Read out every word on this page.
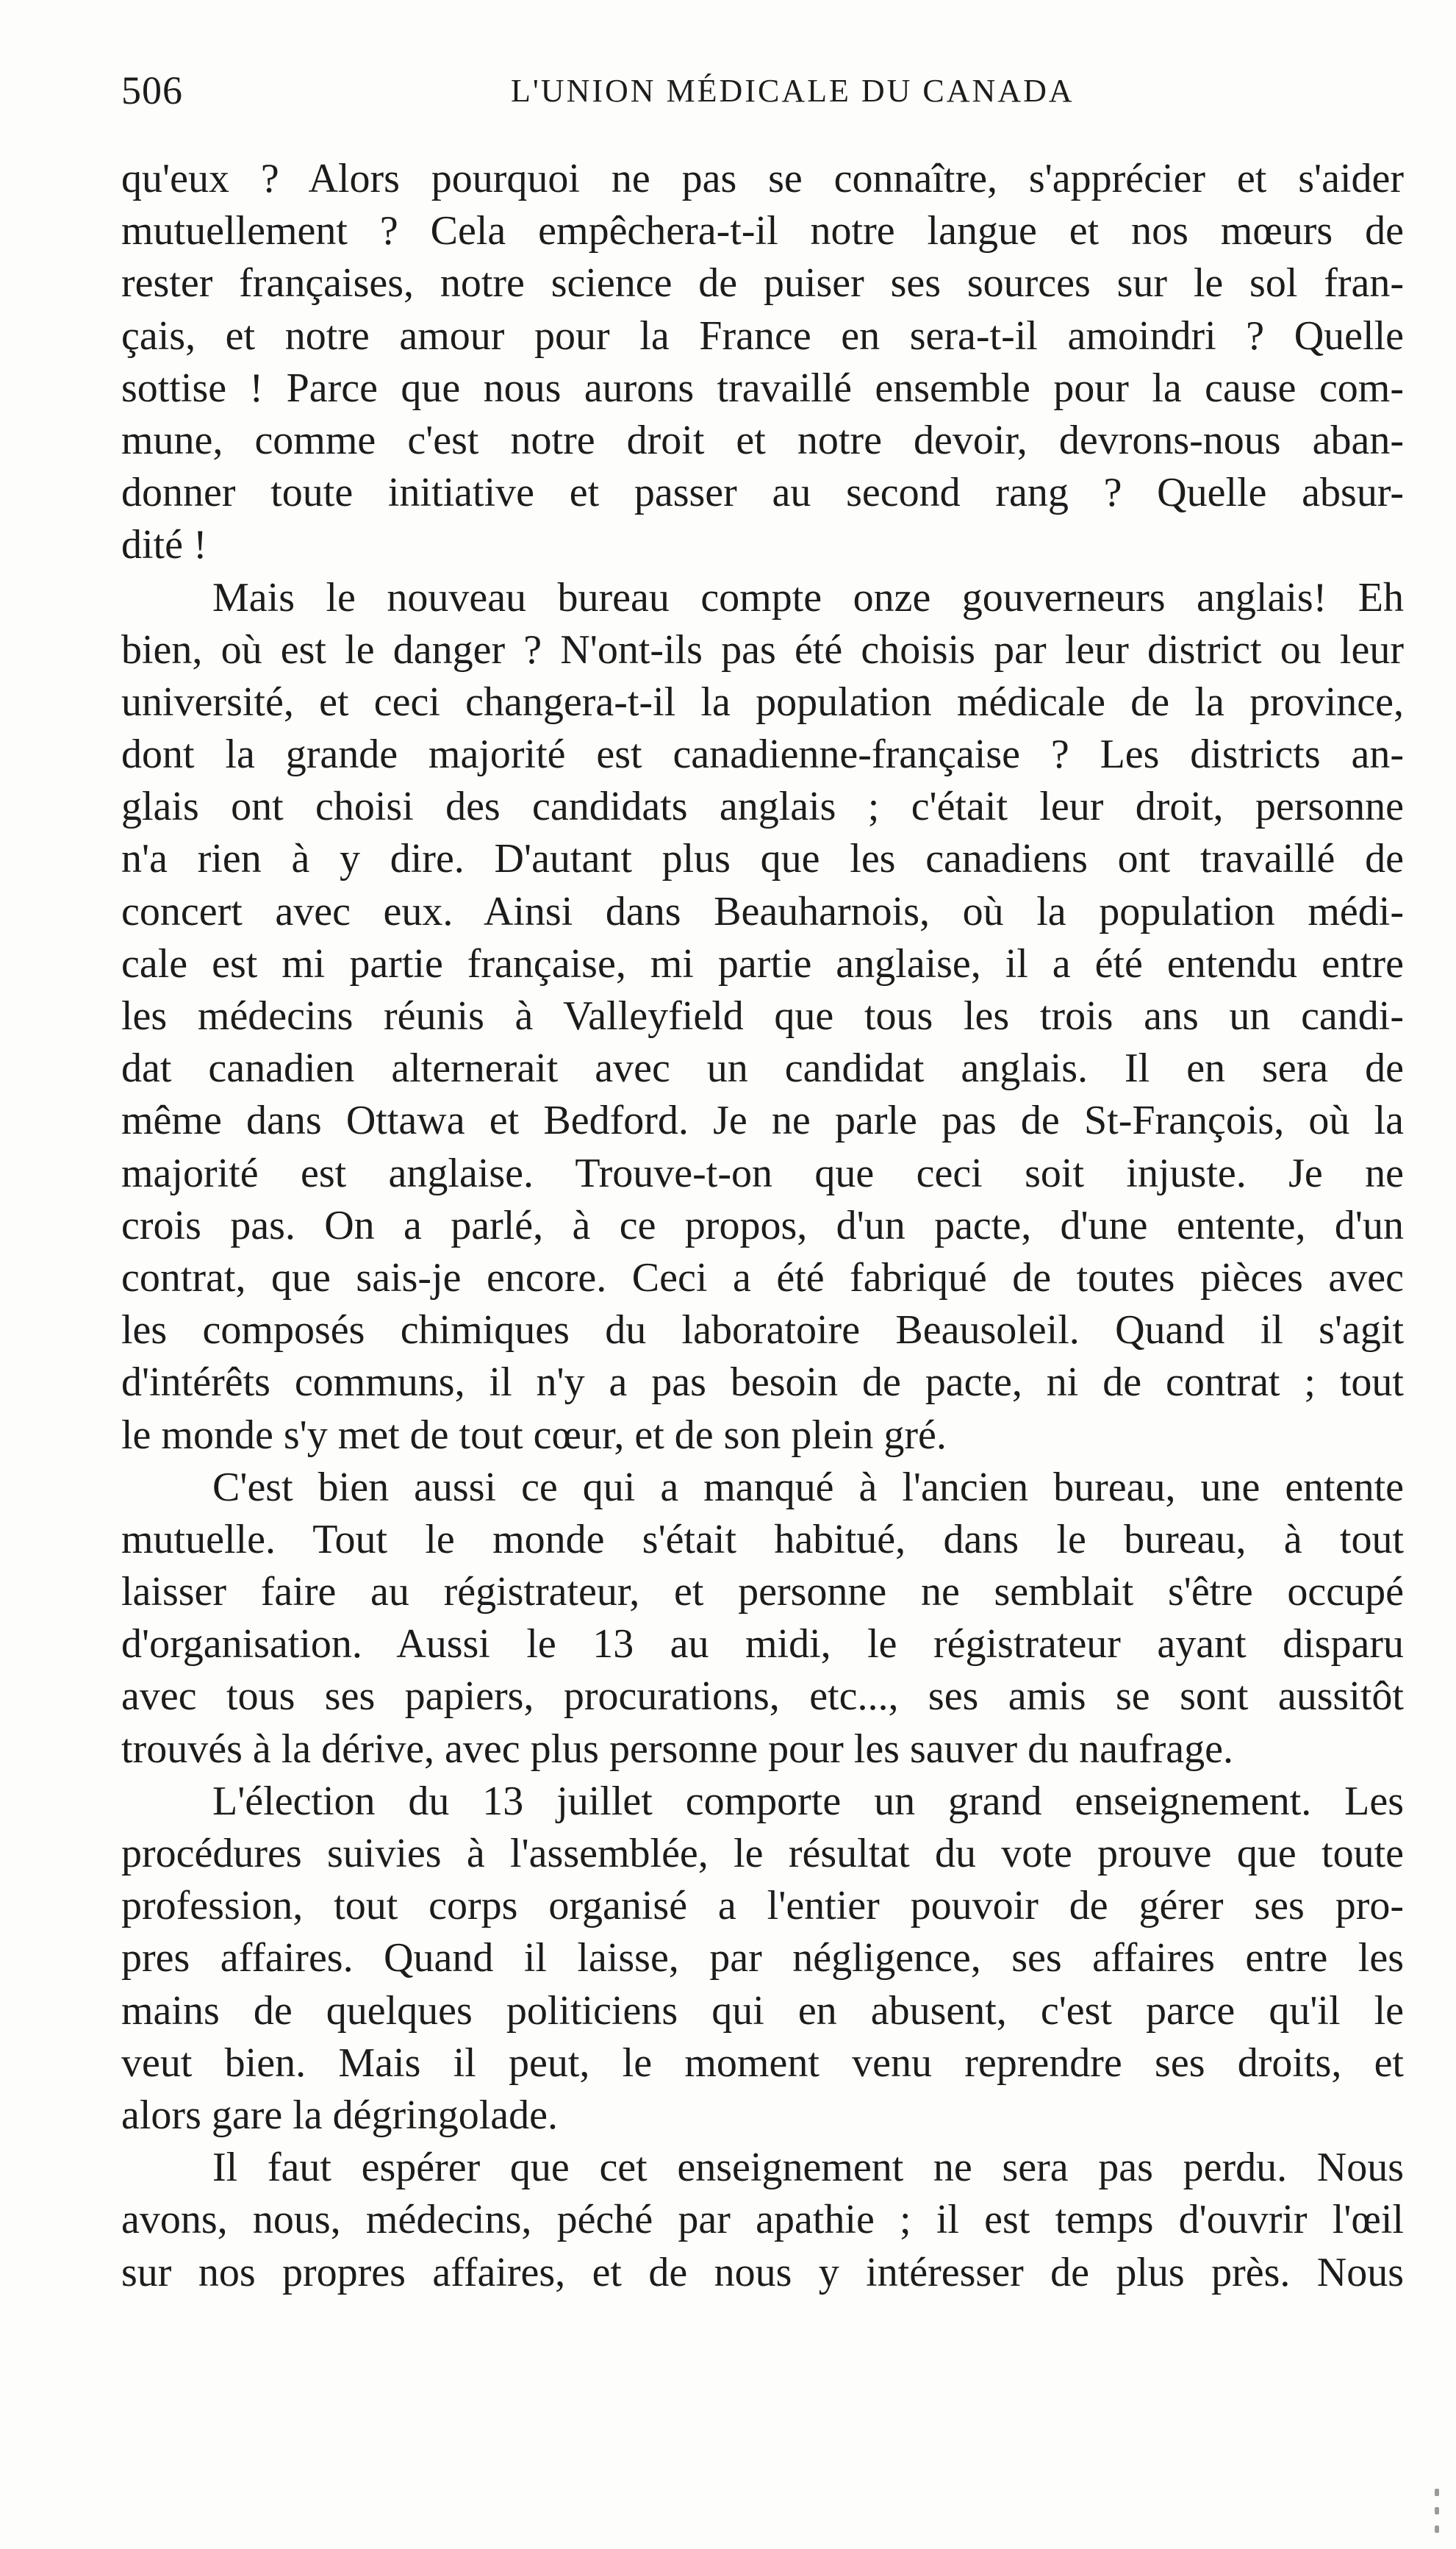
506	L'UNION MÉDICALE DU CANADA
qu'eux ? Alors pourquoi ne pas se connaître, s'apprécier et s'aider
mutuellement ? Cela empêchera-t-il notre langue et nos mœurs de
rester françaises, notre science de puiser ses sources sur le sol fran-
çais, et notre amour pour la France en sera-t-il amoindri ? Quelle
sottise ! Parce que nous aurons travaillé ensemble pour la cause com-
mune, comme c'est notre droit et notre devoir, devrons-nous aban-
donner toute initiative et passer au second rang ? Quelle absur-
dité !
Mais le nouveau bureau compte onze gouverneurs anglais! Eh
bien, où est le danger ? N'ont-ils pas été choisis par leur district ou leur
université, et ceci changera-t-il la population médicale de la province,
dont la grande majorité est canadienne-française ? Les districts an-
glais ont choisi des candidats anglais ; c'était leur droit, personne
n'a rien à y dire. D'autant plus que les canadiens ont travaillé de
concert avec eux. Ainsi dans Beauharnois, où la population médi-
cale est mi partie française, mi partie anglaise, il a été entendu entre
les médecins réunis à Valleyfield que tous les trois ans un candi-
dat canadien alternerait avec un candidat anglais. Il en sera de
même dans Ottawa et Bedford. Je ne parle pas de St-François, où la
majorité est anglaise. Trouve-t-on que ceci soit injuste. Je ne
crois pas. On a parlé, à ce propos, d'un pacte, d'une entente, d'un
contrat, que sais-je encore. Ceci a été fabriqué de toutes pièces avec
les composés chimiques du laboratoire Beausoleil. Quand il s'agit
d'intérêts communs, il n'y a pas besoin de pacte, ni de contrat ; tout
le monde s'y met de tout cœur, et de son plein gré.
C'est bien aussi ce qui a manqué à l'ancien bureau, une entente
mutuelle. Tout le monde s'était habitué, dans le bureau, à tout
laisser faire au régistrateur, et personne ne semblait s'être occupé
d'organisation. Aussi le 13 au midi, le régistrateur ayant disparu
avec tous ses papiers, procurations, etc..., ses amis se sont aussitôt
trouvés à la dérive, avec plus personne pour les sauver du naufrage.
L'élection du 13 juillet comporte un grand enseignement. Les
procédures suivies à l'assemblée, le résultat du vote prouve que toute
profession, tout corps organisé a l'entier pouvoir de gérer ses pro-
pres affaires. Quand il laisse, par négligence, ses affaires entre les
mains de quelques politiciens qui en abusent, c'est parce qu'il le
veut bien. Mais il peut, le moment venu reprendre ses droits, et
alors gare la dégringolade.
Il faut espérer que cet enseignement ne sera pas perdu. Nous
avons, nous, médecins, péché par apathie ; il est temps d'ouvrir l'œil
sur nos propres affaires, et de nous y intéresser de plus près. Nous
